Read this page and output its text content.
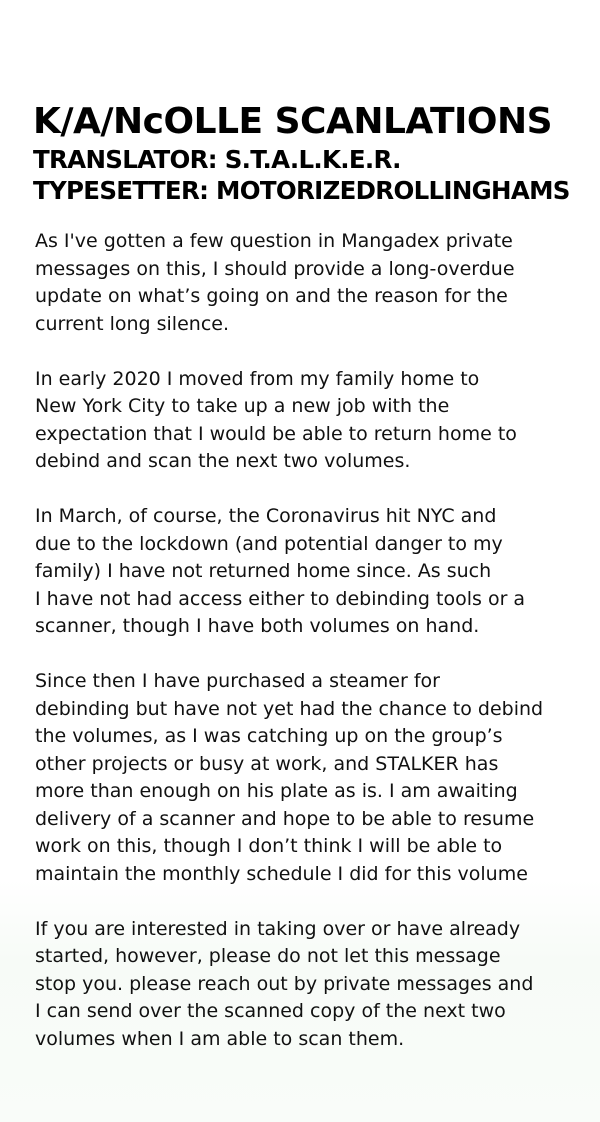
K/A/NcOLLE SCANLATIONS
TRANSLATOR: S.T.A.L.K.E.R.
TYPESETTER: MOTORIZEDROLLINGHAMS

As I've gotten a few question in Mangadex private
messages on this, I should provide a long-overdue
update on what’s going on and the reason for the
current long silence.

In early 2020 I moved from my family home to
New York City to take up a new job with the
expectation that I would be able to return home to
debind and scan the next two volumes.

In March, of course, the Coronavirus hit NYC and
due to the lockdown (and potential danger to my
family) I have not returned home since. As such
I have not had access either to debinding tools or a
scanner, though I have both volumes on hand.

Since then I have purchased a steamer for
debinding but have not yet had the chance to debind
the volumes, as I was catching up on the group’s
other projects or busy at work, and STALKER has
more than enough on his plate as is. I am awaiting
delivery of a scanner and hope to be able to resume
work on this, though I don’t think I will be able to
maintain the monthly schedule I did for this volume

If you are interested in taking over or have already
started, however, please do not let this message
stop you. please reach out by private messages and
I can send over the scanned copy of the next two
volumes when I am able to scan them.
